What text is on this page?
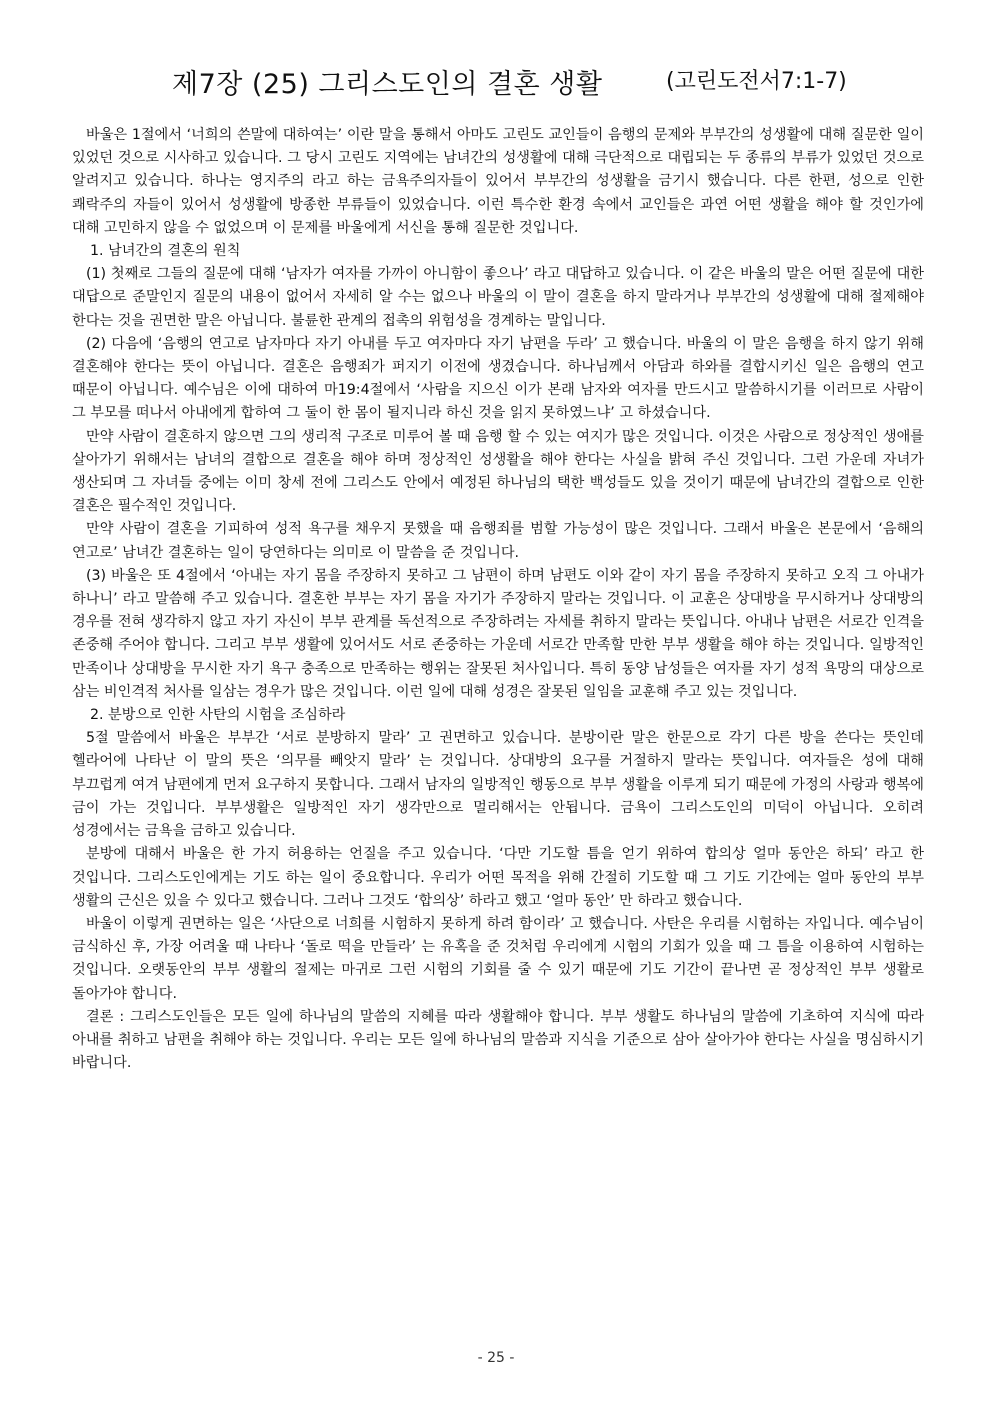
제7장 (25) 그리스도인의 결혼 생활	(고린도전서7:1-7)

바울은 1절에서 ‘너희의 쓴말에 대하여는’ 이란 말을 통해서 아마도 고린도 교인들이 음행의 문제와 부부간의 성생활에 대해 질문한 일이 있었던 것으로 시사하고 있습니다. 그 당시 고린도 지역에는 남녀간의 성생활에 대해 극단적으로 대립되는 두 종류의 부류가 있었던 것으로 알려지고 있습니다. 하나는 영지주의 라고 하는 금욕주의자들이 있어서 부부간의 성생활을 금기시 했습니다. 다른 한편, 성으로 인한 쾌락주의 자들이 있어서 성생활에 방종한 부류들이 있었습니다. 이런 특수한 환경 속에서 교인들은 과연 어떤 생활을 해야 할 것인가에 대해 고민하지 않을 수 없었으며 이 문제를 바울에게 서신을 통해 질문한 것입니다.

1. 남녀간의 결혼의 원칙

(1) 첫째로 그들의 질문에 대해 ‘남자가 여자를 가까이 아니함이 좋으나’ 라고 대답하고 있습니다. 이 같은 바울의 말은 어떤 질문에 대한 대답으로 준말인지 질문의 내용이 없어서 자세히 알 수는 없으나 바울의 이 말이 결혼을 하지 말라거나 부부간의 성생활에 대해 절제해야 한다는 것을 권면한 말은 아닙니다. 불륜한 관계의 접촉의 위험성을 경계하는 말입니다.

(2) 다음에 ‘음행의 연고로 남자마다 자기 아내를 두고 여자마다 자기 남편을 두라’ 고 했습니다. 바울의 이 말은 음행을 하지 않기 위해 결혼해야 한다는 뜻이 아닙니다. 결혼은 음행죄가 퍼지기 이전에 생겼습니다. 하나님께서 아담과 하와를 결합시키신 일은 음행의 연고 때문이 아닙니다. 예수님은 이에 대하여 마19:4절에서 ‘사람을 지으신 이가 본래 남자와 여자를 만드시고 말씀하시기를 이러므로 사람이 그 부모를 떠나서 아내에게 합하여 그 둘이 한 몸이 될지니라 하신 것을 읽지 못하였느냐’ 고 하셨습니다.

만약 사람이 결혼하지 않으면 그의 생리적 구조로 미루어 볼 때 음행 할 수 있는 여지가 많은 것입니다. 이것은 사람으로 정상적인 생애를 살아가기 위해서는 남녀의 결합으로 결혼을 해야 하며 정상적인 성생활을 해야 한다는 사실을 밝혀 주신 것입니다. 그런 가운데 자녀가 생산되며 그 자녀들 중에는 이미 창세 전에 그리스도 안에서 예정된 하나님의 택한 백성들도 있을 것이기 때문에 남녀간의 결합으로 인한 결혼은 필수적인 것입니다.

만약 사람이 결혼을 기피하여 성적 욕구를 채우지 못했을 때 음행죄를 범할 가능성이 많은 것입니다. 그래서 바울은 본문에서 ‘음해의 연고로’ 남녀간 결혼하는 일이 당연하다는 의미로 이 말씀을 준 것입니다.

(3) 바울은 또 4절에서 ‘아내는 자기 몸을 주장하지 못하고 그 남편이 하며 남편도 이와 같이 자기 몸을 주장하지 못하고 오직 그 아내가 하나니’ 라고 말씀해 주고 있습니다. 결혼한 부부는 자기 몸을 자기가 주장하지 말라는 것입니다. 이 교훈은 상대방을 무시하거나 상대방의 경우를 전혀 생각하지 않고 자기 자신이 부부 관계를 독선적으로 주장하려는 자세를 취하지 말라는 뜻입니다. 아내나 남편은 서로간 인격을 존중해 주어야 합니다. 그리고 부부 생활에 있어서도 서로 존중하는 가운데 서로간 만족할 만한 부부 생활을 해야 하는 것입니다. 일방적인 만족이나 상대방을 무시한 자기 욕구 충족으로 만족하는 행위는 잘못된 처사입니다. 특히 동양 남성들은 여자를 자기 성적 욕망의 대상으로 삼는 비인격적 처사를 일삼는 경우가 많은 것입니다. 이런 일에 대해 성경은 잘못된 일임을 교훈해 주고 있는 것입니다.

2. 분방으로 인한 사탄의 시험을 조심하라

5절 말씀에서 바울은 부부간 ‘서로 분방하지 말라’ 고 권면하고 있습니다. 분방이란 말은 한문으로 각기 다른 방을 쓴다는 뜻인데 헬라어에 나타난 이 말의 뜻은 ‘의무를 빼앗지 말라’ 는 것입니다. 상대방의 요구를 거절하지 말라는 뜻입니다. 여자들은 성에 대해 부끄럽게 여겨 남편에게 먼저 요구하지 못합니다. 그래서 남자의 일방적인 행동으로 부부 생활을 이루게 되기 때문에 가정의 사랑과 행복에 금이 가는 것입니다. 부부생활은 일방적인 자기 생각만으로 멀리해서는 안됩니다. 금욕이 그리스도인의 미덕이 아닙니다. 오히려 성경에서는 금욕을 금하고 있습니다.

분방에 대해서 바울은 한 가지 허용하는 언질을 주고 있습니다. ‘다만 기도할 틈을 얻기 위하여 합의상 얼마 동안은 하되’ 라고 한 것입니다. 그리스도인에게는 기도 하는 일이 중요합니다. 우리가 어떤 목적을 위해 간절히 기도할 때 그 기도 기간에는 얼마 동안의 부부 생활의 근신은 있을 수 있다고 했습니다. 그러나 그것도 ‘합의상’ 하라고 했고 ‘얼마 동안’ 만 하라고 했습니다.

바울이 이렇게 권면하는 일은 ‘사단으로 너희를 시험하지 못하게 하려 함이라’ 고 했습니다. 사탄은 우리를 시험하는 자입니다. 예수님이 금식하신 후, 가장 어려울 때 나타나 ‘돌로 떡을 만들라’ 는 유혹을 준 것처럼 우리에게 시험의 기회가 있을 때 그 틈을 이용하여 시험하는 것입니다. 오랫동안의 부부 생활의 절제는 마귀로 그런 시험의 기회를 줄 수 있기 때문에 기도 기간이 끝나면 곧 정상적인 부부 생활로 돌아가야 합니다.

결론 : 그리스도인들은 모든 일에 하나님의 말씀의 지혜를 따라 생활해야 합니다. 부부 생활도 하나님의 말씀에 기초하여 지식에 따라 아내를 취하고 남편을 취해야 하는 것입니다. 우리는 모든 일에 하나님의 말씀과 지식을 기준으로 삼아 살아가야 한다는 사실을 명심하시기 바랍니다.

- 25 -
